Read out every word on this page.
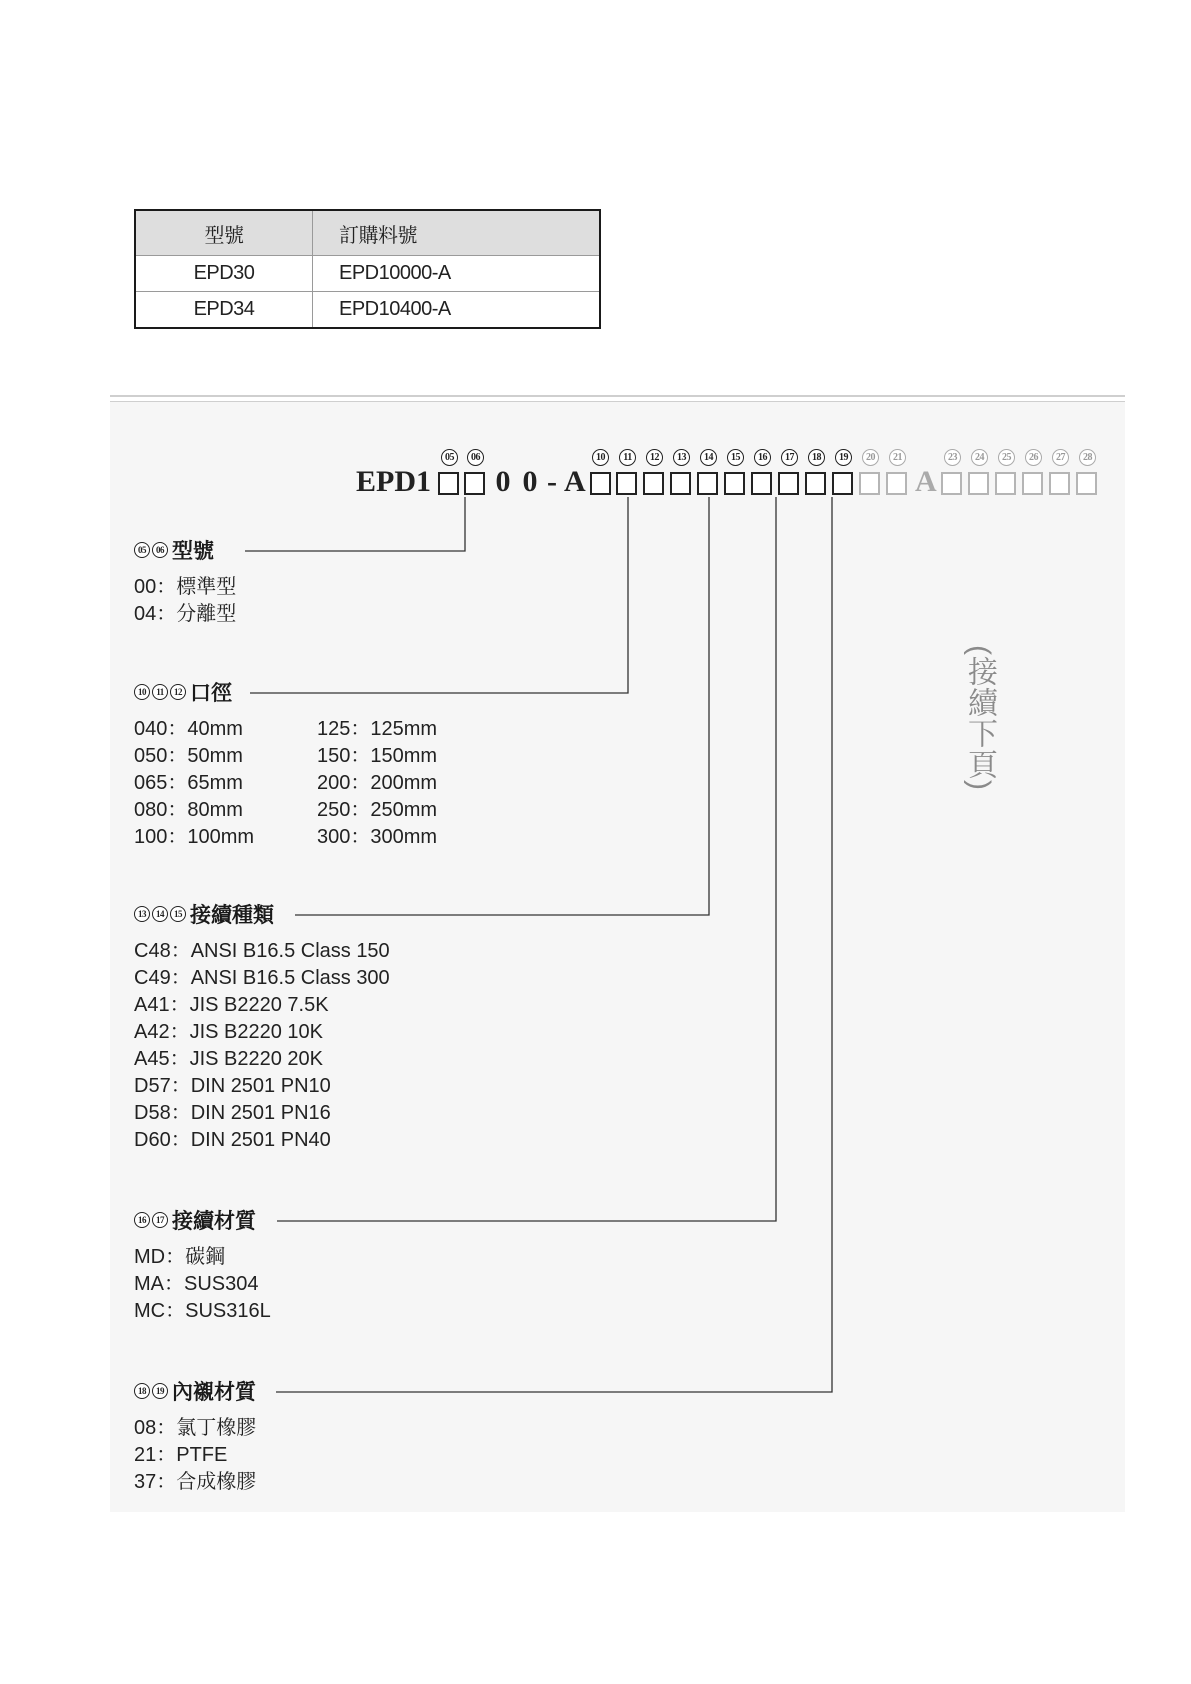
型號	訂購料號
EPD30	EPD10000-A
EPD34	EPD10400-A
EPD1 0 0 - A	A
05	06	10	11	12	13	14	15	16	17	18	19	20	21	23	24	25	26	27	28
05	06 型號
00：標準型
04：分離型
10	11	12 口徑
040：40mm
050：50mm
065：65mm
080：80mm
100：100mm
125：125mm
150：150mm
200：200mm
250：250mm
300：300mm
13	14	15 接續種類
C48：ANSI B16.5 Class 150
C49：ANSI B16.5 Class 300
A41：JIS B2220 7.5K
A42：JIS B2220 10K
A45：JIS B2220 20K
D57：DIN 2501 PN10
D58：DIN 2501 PN16
D60：DIN 2501 PN40
16	17 接續材質
MD：碳鋼
MA：SUS304
MC：SUS316L
18	19 內襯材質
08：氯丁橡膠
21：PTFE
37：合成橡膠
(接續下頁)
